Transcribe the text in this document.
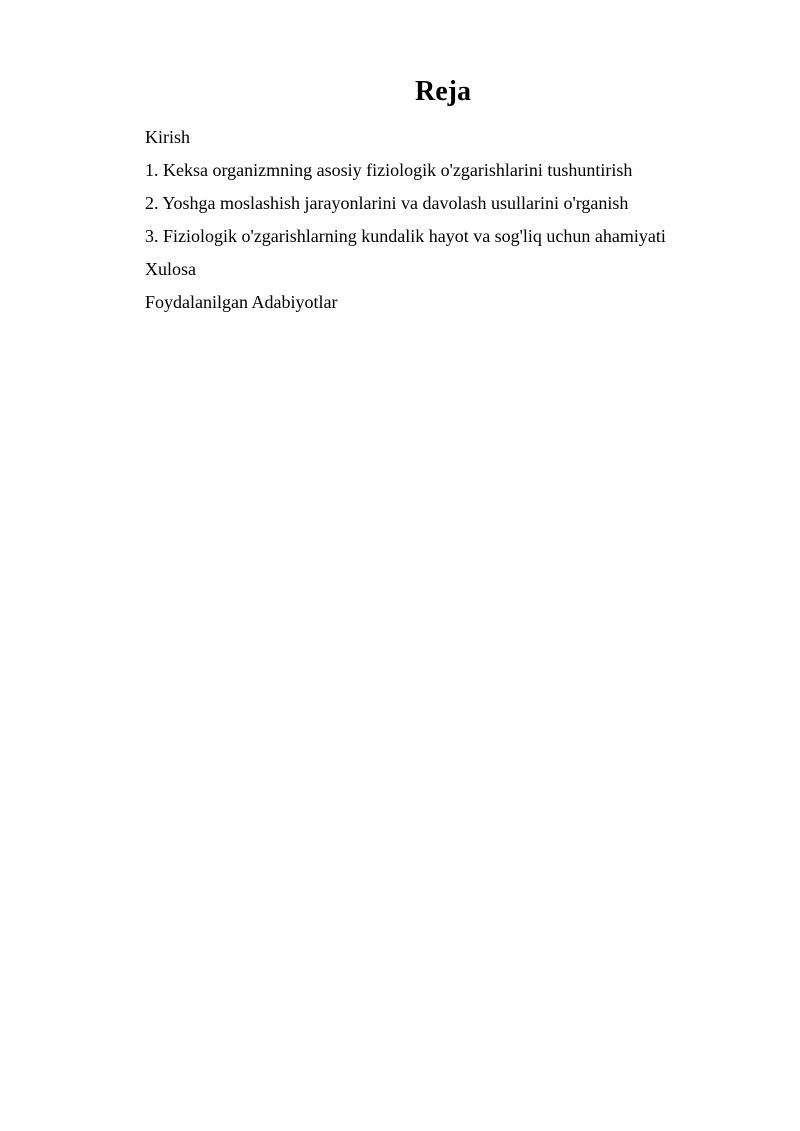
Reja
Kirish
1. Keksa organizmning asosiy fiziologik o'zgarishlarini tushuntirish
2. Yoshga moslashish jarayonlarini va davolash usullarini o'rganish
3. Fiziologik o'zgarishlarning kundalik hayot va sog'liq uchun ahamiyati
Xulosa
Foydalanilgan Adabiyotlar
